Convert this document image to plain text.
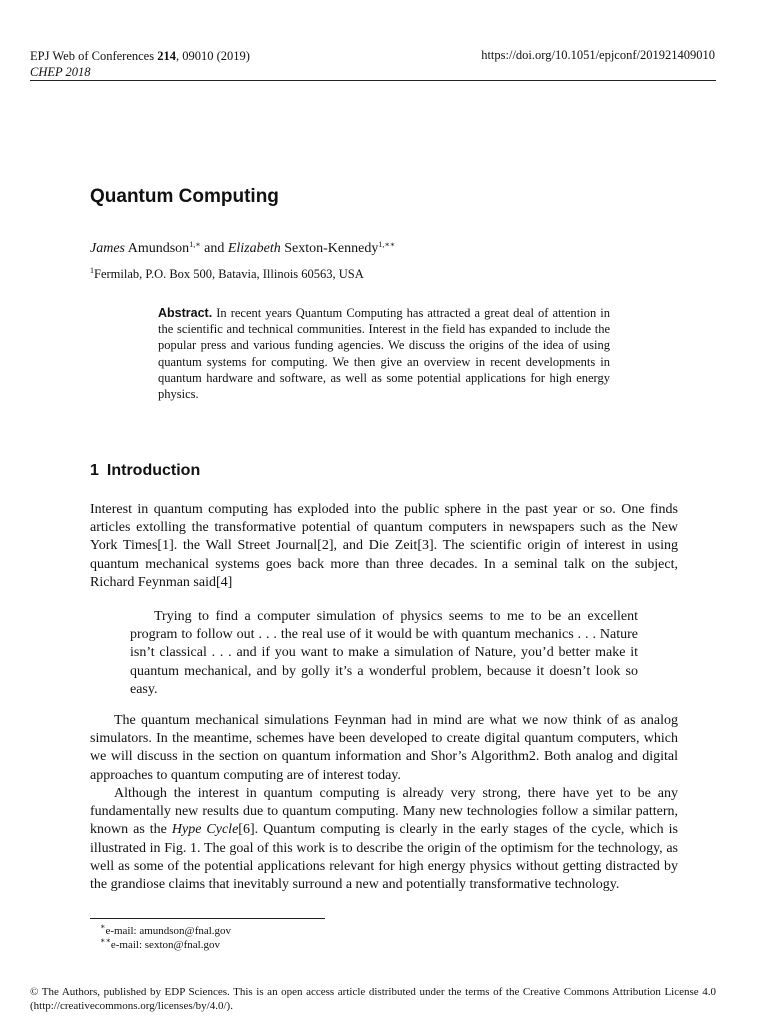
EPJ Web of Conferences 214, 09010 (2019)
CHEP 2018
https://doi.org/10.1051/epjconf/201921409010
Quantum Computing
James Amundson$^{1,∗}$ and Elizabeth Sexton-Kennedy$^{1,∗∗}$
$^1$Fermilab, P.O. Box 500, Batavia, Illinois 60563, USA
Abstract. In recent years Quantum Computing has attracted a great deal of attention in the scientific and technical communities. Interest in the field has expanded to include the popular press and various funding agencies. We discuss the origins of the idea of using quantum systems for computing. We then give an overview in recent developments in quantum hardware and software, as well as some potential applications for high energy physics.
1 Introduction
Interest in quantum computing has exploded into the public sphere in the past year or so. One finds articles extolling the transformative potential of quantum computers in newspapers such as the New York Times[1]. the Wall Street Journal[2], and Die Zeit[3]. The scientific origin of interest in using quantum mechanical systems goes back more than three decades. In a seminal talk on the subject, Richard Feynman said[4]
Trying to find a computer simulation of physics seems to me to be an excellent program to follow out . . . the real use of it would be with quantum mechanics . . . Nature isn’t classical . . . and if you want to make a simulation of Nature, you’d better make it quantum mechanical, and by golly it’s a wonderful problem, because it doesn’t look so easy.
The quantum mechanical simulations Feynman had in mind are what we now think of as analog simulators. In the meantime, schemes have been developed to create digital quantum computers, which we will discuss in the section on quantum information and Shor’s Algorithm2. Both analog and digital approaches to quantum computing are of interest today.
Although the interest in quantum computing is already very strong, there have yet to be any fundamentally new results due to quantum computing. Many new technologies follow a similar pattern, known as the Hype Cycle[6]. Quantum computing is clearly in the early stages of the cycle, which is illustrated in Fig. 1. The goal of this work is to describe the origin of the optimism for the technology, as well as some of the potential applications relevant for high energy physics without getting distracted by the grandiose claims that inevitably surround a new and potentially transformative technology.
∗e-mail: amundson@fnal.gov
∗∗e-mail: sexton@fnal.gov
© The Authors, published by EDP Sciences. This is an open access article distributed under the terms of the Creative Commons Attribution License 4.0 (http://creativecommons.org/licenses/by/4.0/).
